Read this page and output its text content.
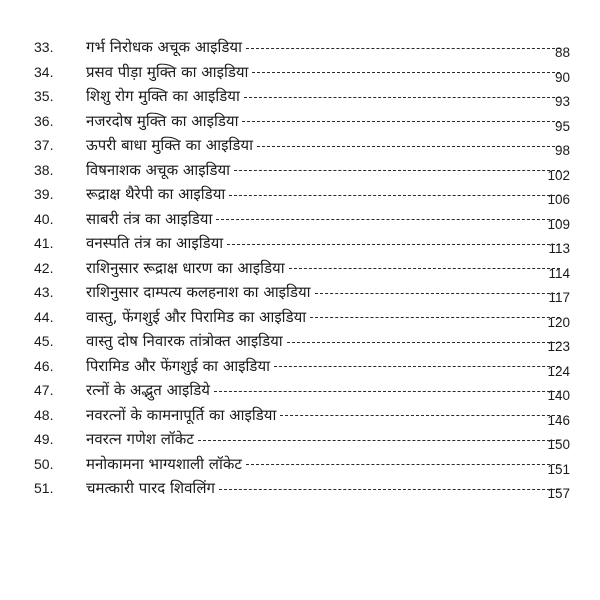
33.	गर्भ निरोधक अचूक आइडिया	88
34.	प्रसव पीड़ा मुक्ति का आइडिया	90
35.	शिशु रोग मुक्ति का आइडिया	93
36.	नजरदोष मुक्ति का आइडिया	95
37.	ऊपरी बाधा मुक्ति का आइडिया	98
38.	विषनाशक अचूक आइडिया	102
39.	रूद्राक्ष थैरेपी का आइडिया	106
40.	साबरी तंत्र का आइडिया	109
41.	वनस्पति तंत्र का आइडिया	113
42.	राशिनुसार रूद्राक्ष धारण का आइडिया	114
43.	राशिनुसार दाम्पत्य कलहनाश का आइडिया	117
44.	वास्तु, फेंगशुई और पिरामिड का आइडिया	120
45.	वास्तु दोष निवारक तांत्रोक्त आइडिया	123
46.	पिरामिड और फेंगशुई का आइडिया	124
47.	रत्नों के अद्भुत आइडिये	140
48.	नवरत्नों के कामनापूर्ति का आइडिया	146
49.	नवरत्न गणेश लॉकेट	150
50.	मनोकामना भाग्यशाली लॉकेट	151
51.	चमत्कारी पारद शिवलिंग	157
